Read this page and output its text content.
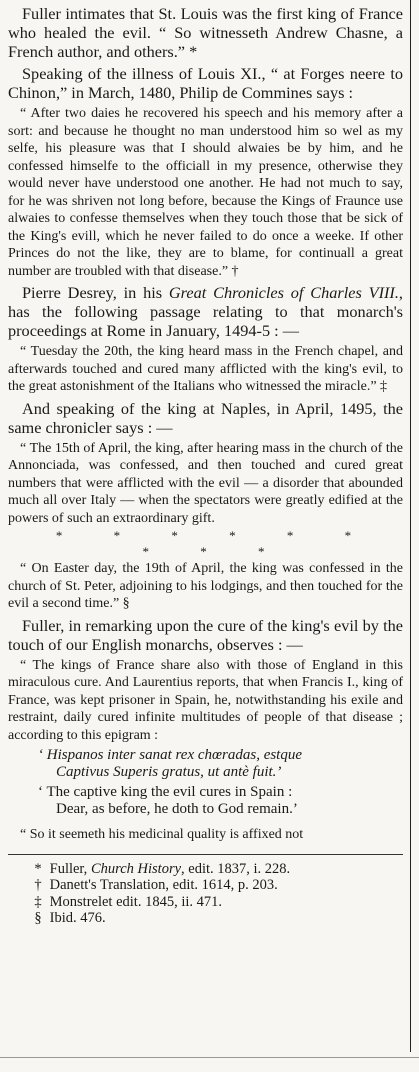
Fuller intimates that St. Louis was the first king of France who healed the evil. “ So witnesseth Andrew Chasne, a French author, and others.” *

Speaking of the illness of Louis XI., “ at Forges neere to Chinon,” in March, 1480, Philip de Commines says :

“ After two daies he recovered his speech and his memory after a sort: and because he thought no man understood him so wel as my selfe, his pleasure was that I should alwaies be by him, and he confessed himselfe to the officiall in my presence, otherwise they would never have understood one another. He had not much to say, for he was shriven not long before, because the Kings of Fraunce use alwaies to confesse themselves when they touch those that be sick of the King's evill, which he never failed to do once a weeke. If other Princes do not the like, they are to blame, for continuall a great number are troubled with that disease.” †

Pierre Desrey, in his Great Chronicles of Charles VIII., has the following passage relating to that monarch's proceedings at Rome in January, 1494-5 : —

“ Tuesday the 20th, the king heard mass in the French chapel, and afterwards touched and cured many afflicted with the king's evil, to the great astonishment of the Italians who witnessed the miracle.” ‡

And speaking of the king at Naples, in April, 1495, the same chronicler says : —

“ The 15th of April, the king, after hearing mass in the church of the Annonciada, was confessed, and then touched and cured great numbers that were afflicted with the evil — a disorder that abounded much all over Italy — when the spectators were greatly edified at the powers of such an extraordinary gift.

* * * * * * * * *

“ On Easter day, the 19th of April, the king was confessed in the church of St. Peter, adjoining to his lodgings, and then touched for the evil a second time.” §

Fuller, in remarking upon the cure of the king's evil by the touch of our English monarchs, observes : —

“ The kings of France share also with those of England in this miraculous cure. And Laurentius reports, that when Francis I., king of France, was kept prisoner in Spain, he, notwithstanding his exile and restraint, daily cured infinite multitudes of people of that disease ; according to this epigram :

‘ Hispanos inter sanat rex chœradas, estque
Captivus Superis gratus, ut antè fuit.’
‘ The captive king the evil cures in Spain :
Dear, as before, he doth to God remain.’

“ So it seemeth his medicinal quality is affixed not

* Fuller, Church History, edit. 1837, i. 228.
† Danett's Translation, edit. 1614, p. 203.
‡ Monstrelet edit. 1845, ii. 471.
§ Ibid. 476.
